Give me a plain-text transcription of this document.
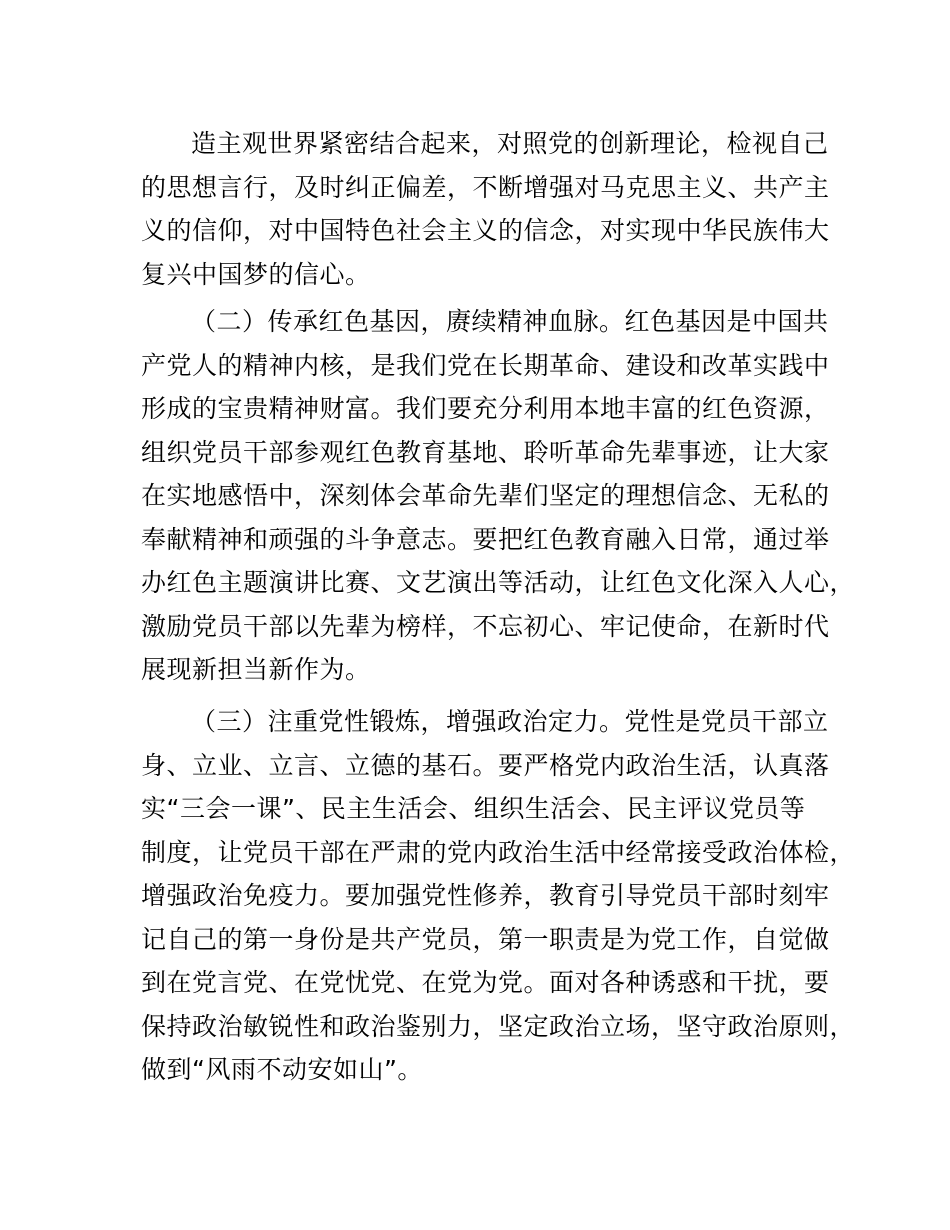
造主观世界紧密结合起来，对照党的创新理论，检视自己
的思想言行，及时纠正偏差，不断增强对马克思主义、共产主
义的信仰，对中国特色社会主义的信念，对实现中华民族伟大
复兴中国梦的信心。
（二）传承红色基因，赓续精神血脉。红色基因是中国共
产党人的精神内核，是我们党在长期革命、建设和改革实践中
形成的宝贵精神财富。我们要充分利用本地丰富的红色资源，
组织党员干部参观红色教育基地、聆听革命先辈事迹，让大家
在实地感悟中，深刻体会革命先辈们坚定的理想信念、无私的
奉献精神和顽强的斗争意志。要把红色教育融入日常，通过举
办红色主题演讲比赛、文艺演出等活动，让红色文化深入人心，
激励党员干部以先辈为榜样，不忘初心、牢记使命，在新时代
展现新担当新作为。
（三）注重党性锻炼，增强政治定力。党性是党员干部立
身、立业、立言、立德的基石。要严格党内政治生活，认真落
实“三会一课”、民主生活会、组织生活会、民主评议党员等
制度，让党员干部在严肃的党内政治生活中经常接受政治体检，
增强政治免疫力。要加强党性修养，教育引导党员干部时刻牢
记自己的第一身份是共产党员，第一职责是为党工作，自觉做
到在党言党、在党忧党、在党为党。面对各种诱惑和干扰，要
保持政治敏锐性和政治鉴别力，坚定政治立场，坚守政治原则，
做到“风雨不动安如山”。
